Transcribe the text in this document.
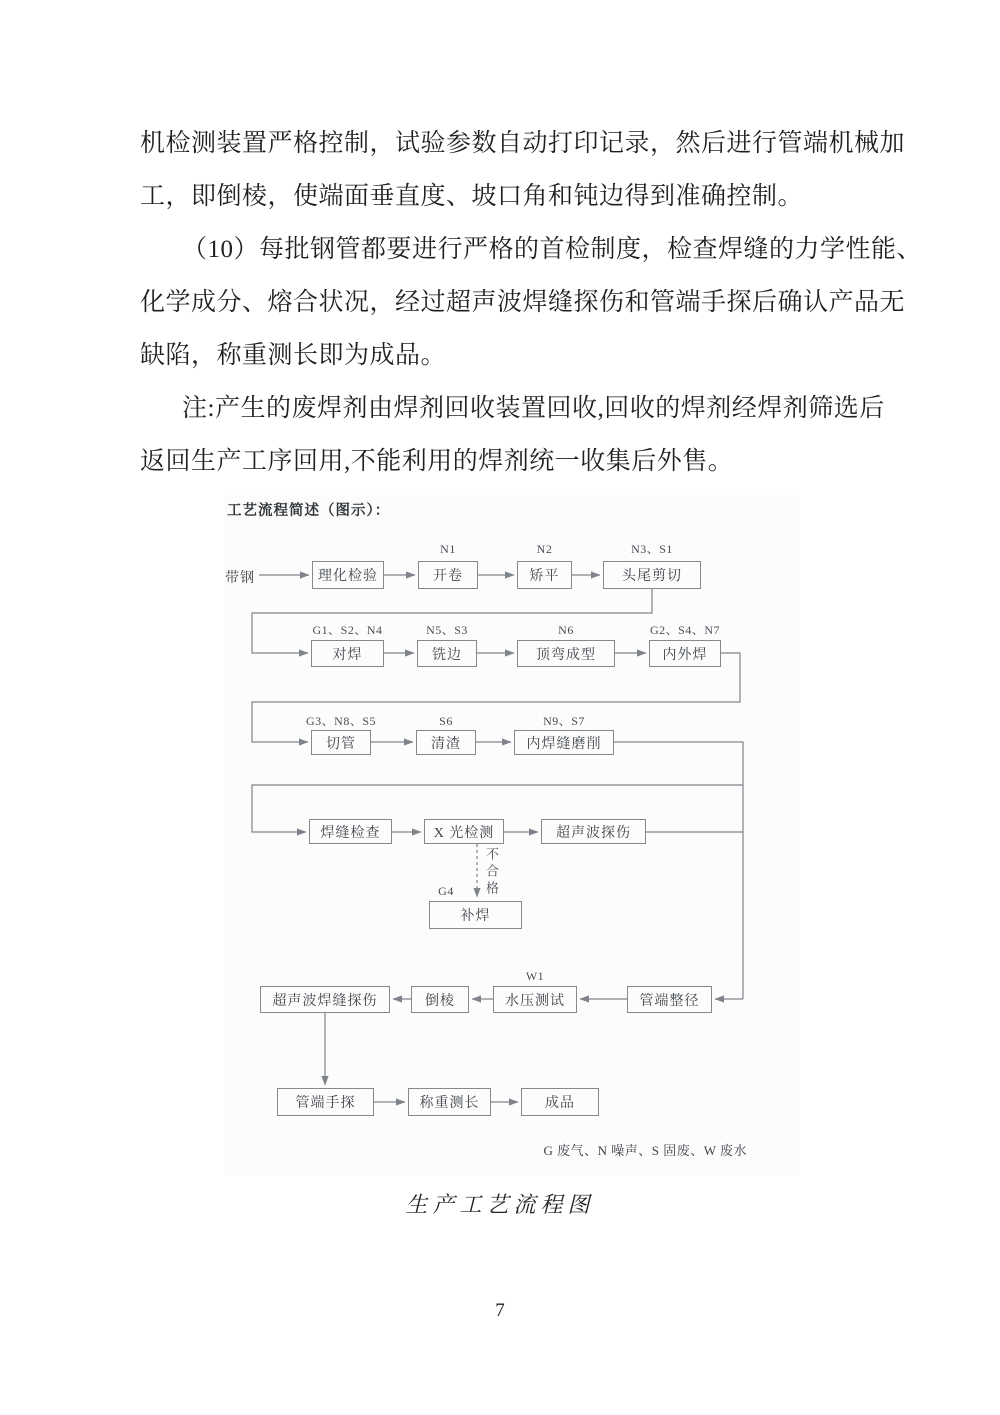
机检测装置严格控制，试验参数自动打印记录，然后进行管端机械加
工，即倒棱，使端面垂直度、坡口角和钝边得到准确控制。
（10）每批钢管都要进行严格的首检制度，检查焊缝的力学性能、
化学成分、熔合状况，经过超声波焊缝探伤和管端手探后确认产品无
缺陷，称重测长即为成品。
注:产生的废焊剂由焊剂回收装置回收,回收的焊剂经焊剂筛选后
返回生产工序回用,不能利用的焊剂统一收集后外售。
工艺流程简述（图示）：
带钢	理化检验
N1
开卷
N2
矫平
N3、S1
头尾剪切
G1、S2、N4
对焊
N5、S3
铣边
N6
顶弯成型
G2、S4、N7
内外焊
G3、N8、S5
切管
S6
清渣
N9、S7
内焊缝磨削
焊缝检查	X 光检测	超声波探伤
不合格
G4
补焊
超声波焊缝探伤	倒棱
W1
水压测试	管端整径
管端手探	称重测长	成品
G 废气、N 噪声、S 固废、W 废水
生产工艺流程图
7
